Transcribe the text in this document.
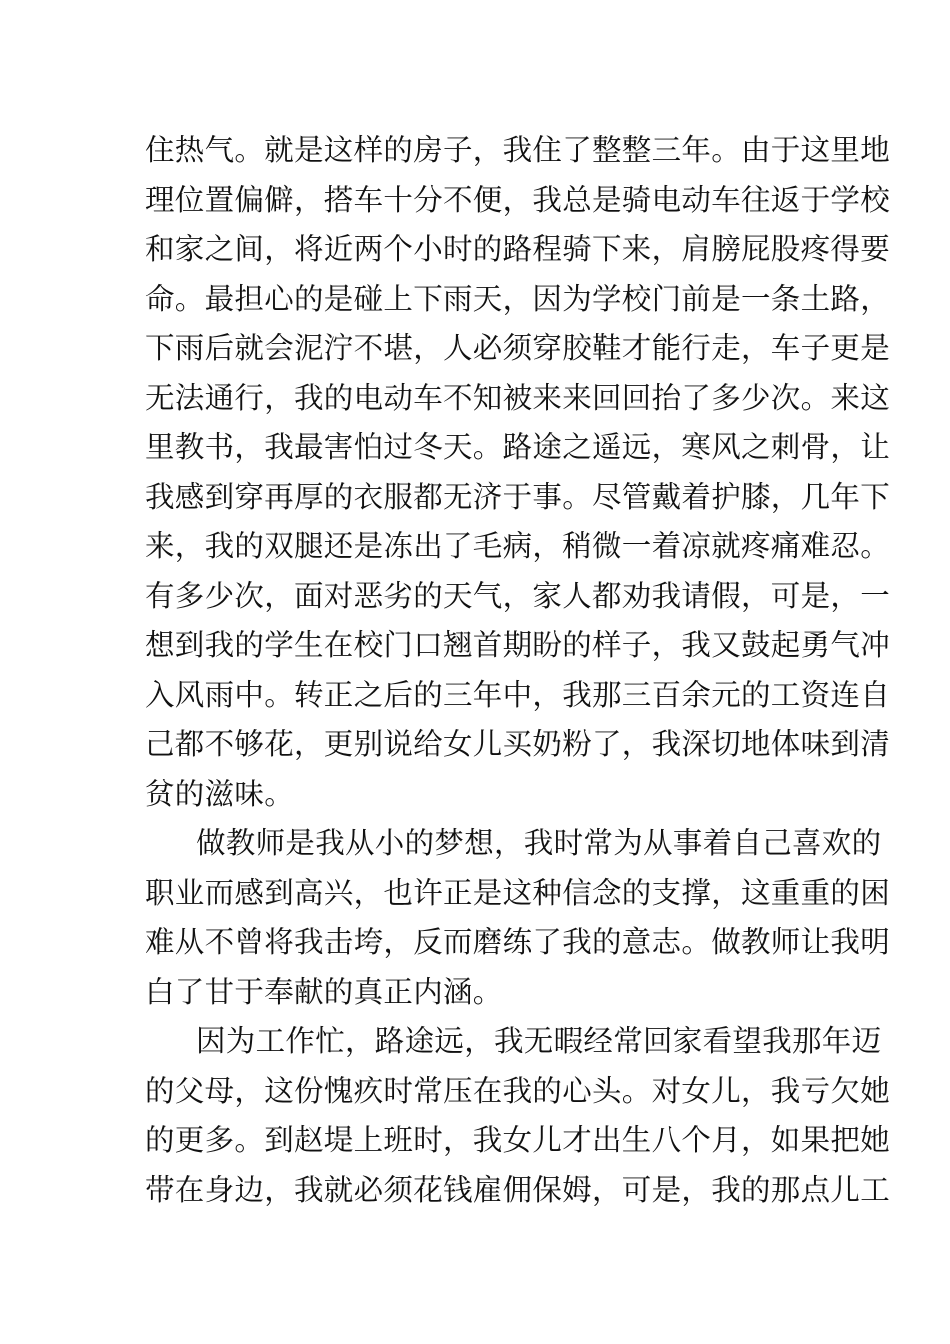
住热气。就是这样的房子，我住了整整三年。由于这里地
理位置偏僻，搭车十分不便，我总是骑电动车往返于学校
和家之间，将近两个小时的路程骑下来，肩膀屁股疼得要
命。最担心的是碰上下雨天，因为学校门前是一条土路，
下雨后就会泥泞不堪，人必须穿胶鞋才能行走，车子更是
无法通行，我的电动车不知被来来回回抬了多少次。来这
里教书，我最害怕过冬天。路途之遥远，寒风之刺骨，让
我感到穿再厚的衣服都无济于事。尽管戴着护膝，几年下
来，我的双腿还是冻出了毛病，稍微一着凉就疼痛难忍。
有多少次，面对恶劣的天气，家人都劝我请假，可是，一
想到我的学生在校门口翘首期盼的样子，我又鼓起勇气冲
入风雨中。转正之后的三年中，我那三百余元的工资连自
己都不够花，更别说给女儿买奶粉了，我深切地体味到清
贫的滋味。
做教师是我从小的梦想，我时常为从事着自己喜欢的
职业而感到高兴，也许正是这种信念的支撑，这重重的困
难从不曾将我击垮，反而磨练了我的意志。做教师让我明
白了甘于奉献的真正内涵。
因为工作忙，路途远，我无暇经常回家看望我那年迈
的父母，这份愧疚时常压在我的心头。对女儿，我亏欠她
的更多。到赵堤上班时，我女儿才出生八个月，如果把她
带在身边，我就必须花钱雇佣保姆，可是，我的那点儿工
